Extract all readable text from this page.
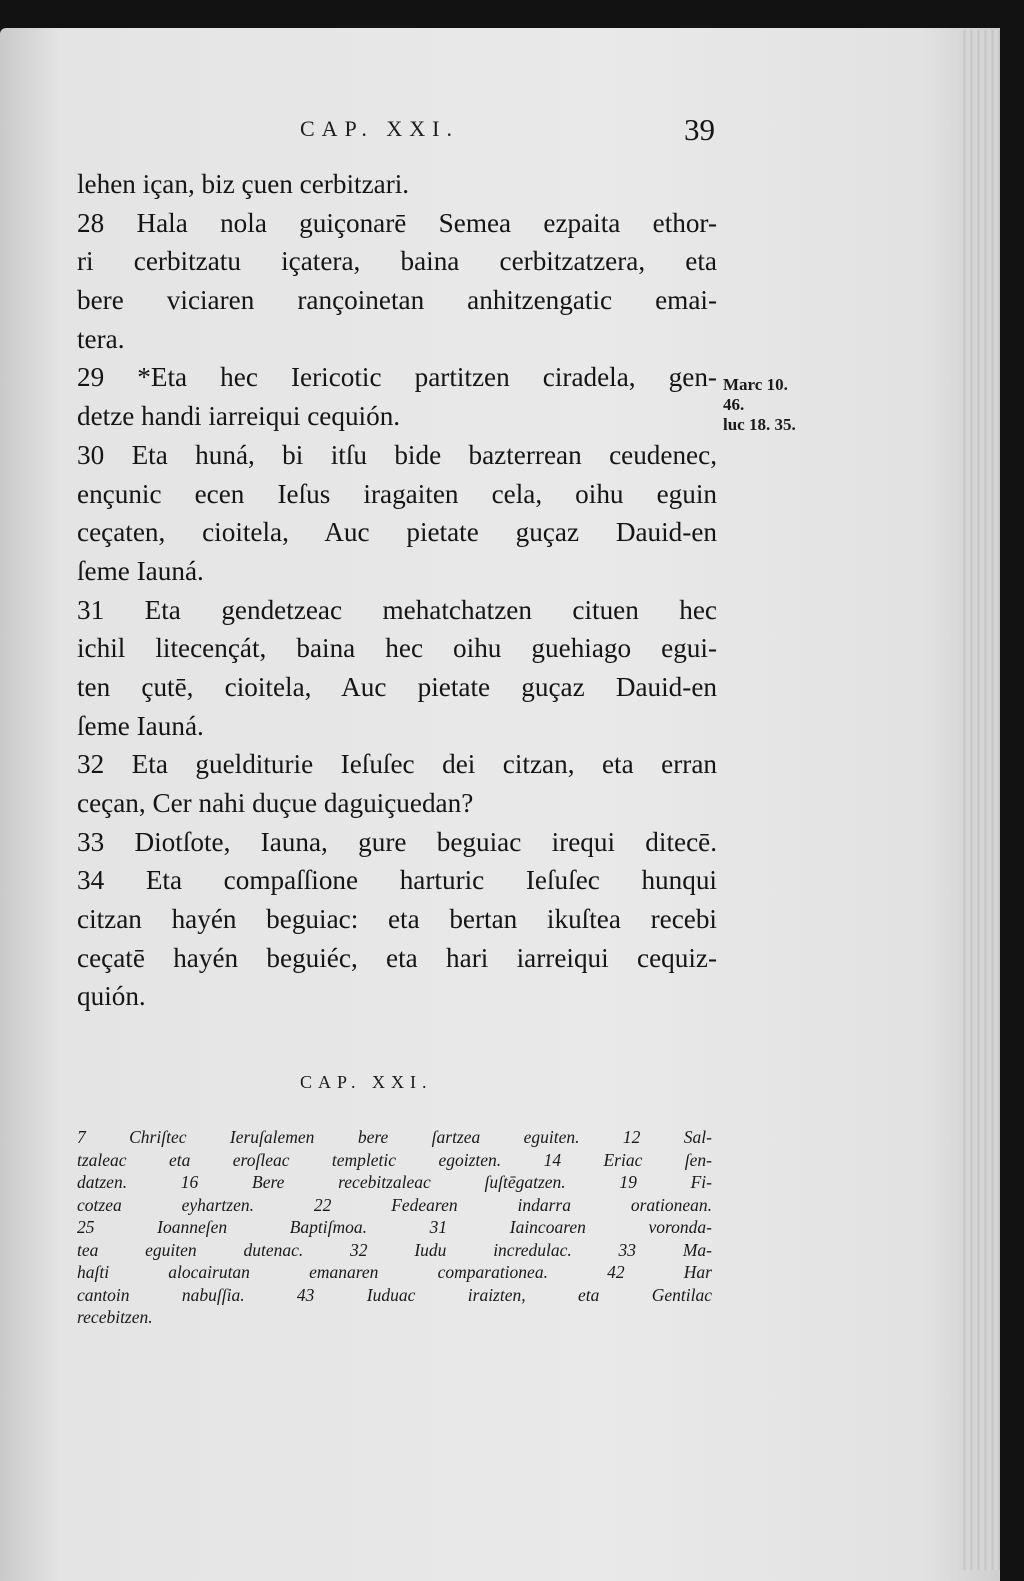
CAP. XXI.	39
lehen içan, biz çuen cerbitzari.
28 Hala nola guiçonarē Semea ezpaita ethor-
ri cerbitzatu içatera, baina cerbitzatzera, eta
bere viciaren rançoinetan anhitzengatic emai-
tera.
29 *Eta hec Iericotic partitzen ciradela, gen-
detze handi iarreiqui cequión.
30 Eta huná, bi itſu bide bazterrean ceudenec,
ençunic ecen Ieſus iragaiten cela, oihu eguin
ceçaten, cioitela, Auc pietate guçaz Dauid-en
ſeme Iauná.
31 Eta gendetzeac mehatchatzen cituen hec
ichil litecençát, baina hec oihu guehiago egui-
ten çutē, cioitela, Auc pietate guçaz Dauid-en
ſeme Iauná.
32 Eta guelditurie Ieſuſec dei citzan, eta erran
ceçan, Cer nahi duçue daguiçuedan?
33 Diotſote, Iauna, gure beguiac irequi ditecē.
34 Eta compaſſione harturic Ieſuſec hunqui
citzan hayén beguiac: eta bertan ikuſtea recebi
ceçatē hayén beguiéc, eta hari iarreiqui cequiz-
quión.
Marc 10.
46.
luc 18. 35.
CAP. XXI.
7 Chriſtec Ieruſalemen bere ſartzea eguiten. 12 Sal-
tzaleac eta eroſleac templetic egoizten. 14 Eriac ſen-
datzen. 16 Bere recebitzaleac ſuſtēgatzen. 19 Fi-
cotzea eyhartzen. 22 Fedearen indarra orationean.
25 Ioanneſen Baptiſmoa. 31 Iaincoaren voronda-
tea eguiten dutenac. 32 Iudu incredulac. 33 Ma-
haſti alocairutan emanaren comparationea. 42 Har
cantoin nabuſſia. 43 Iuduac iraizten, eta Gentilac
recebitzen.
